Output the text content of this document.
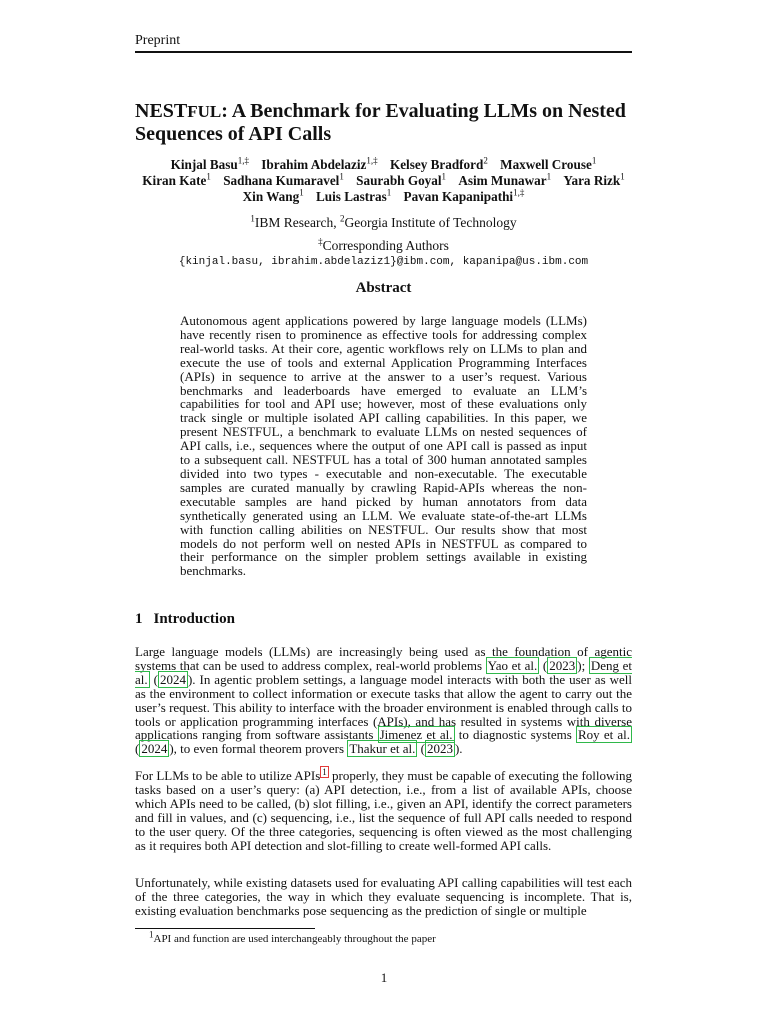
Preprint
NESTFUL: A Benchmark for Evaluating LLMs on Nested Sequences of API Calls
Kinjal Basu$^{1,\ddagger}$ Ibrahim Abdelaziz$^{1,\ddagger}$ Kelsey Bradford$^2$ Maxwell Crouse$^1$
Kiran Kate$^1$ Sadhana Kumaravel$^1$ Saurabh Goyal$^1$ Asim Munawar$^1$ Yara Rizk$^1$
Xin Wang$^1$ Luis Lastras$^1$ Pavan Kapanipathi$^{1,\ddagger}$
$^1$IBM Research, $^2$Georgia Institute of Technology
‡Corresponding Authors
{kinjal.basu, ibrahim.abdelaziz1}@ibm.com, kapanipa@us.ibm.com
Abstract

Autonomous agent applications powered by large language models (LLMs) have recently risen to prominence as effective tools for addressing complex real-world tasks. At their core, agentic workflows rely on LLMs to plan and execute the use of tools and external Application Programming Interfaces (APIs) in sequence to arrive at the answer to a user’s request. Various benchmarks and leaderboards have emerged to evaluate an LLM’s capabilities for tool and API use; however, most of these evaluations only track single or multiple isolated API calling capabilities. In this paper, we present NESTFUL, a benchmark to evaluate LLMs on nested sequences of API calls, i.e., sequences where the output of one API call is passed as input to a subsequent call. NESTFUL has a total of 300 human annotated samples divided into two types - executable and non-executable. The executable samples are curated manually by crawling Rapid-APIs whereas the non-executable samples are hand picked by human annotators from data synthetically generated using an LLM. We evaluate state-of-the-art LLMs with function calling abilities on NESTFUL. Our results show that most models do not perform well on nested APIs in NESTFUL as compared to their performance on the simpler problem settings available in existing benchmarks.

1 Introduction

Large language models (LLMs) are increasingly being used as the foundation of agentic systems that can be used to address complex, real-world problems Yao et al. ( 2023 ); Deng et al. ( 2024 ). In agentic problem settings, a language model interacts with both the user as well as the environment to collect information or execute tasks that allow the agent to carry out the user’s request. This ability to interface with the broader environment is enabled through calls to tools or application programming interfaces (APIs), and has resulted in systems with diverse applications ranging from software assistants Jimenez et al. to diagnostic systems Roy et al. ( 2024 ), to even formal theorem provers Thakur et al. ( 2023 ).

For LLMs to be able to utilize APIs $^1$ properly, they must be capable of executing the following tasks based on a user’s query: (a) API detection, i.e., from a list of available APIs, choose which APIs need to be called, (b) slot filling, i.e., given an API, identify the correct parameters and fill in values, and (c) sequencing, i.e., list the sequence of full API calls needed to respond to the user query. Of the three categories, sequencing is often viewed as the most challenging as it requires both API detection and slot-filling to create well-formed API calls.

Unfortunately, while existing datasets used for evaluating API calling capabilities will test each of the three categories, the way in which they evaluate sequencing is incomplete. That is, existing evaluation benchmarks pose sequencing as the prediction of single or multiple

$^1$API and function are used interchangeably throughout the paper
1
